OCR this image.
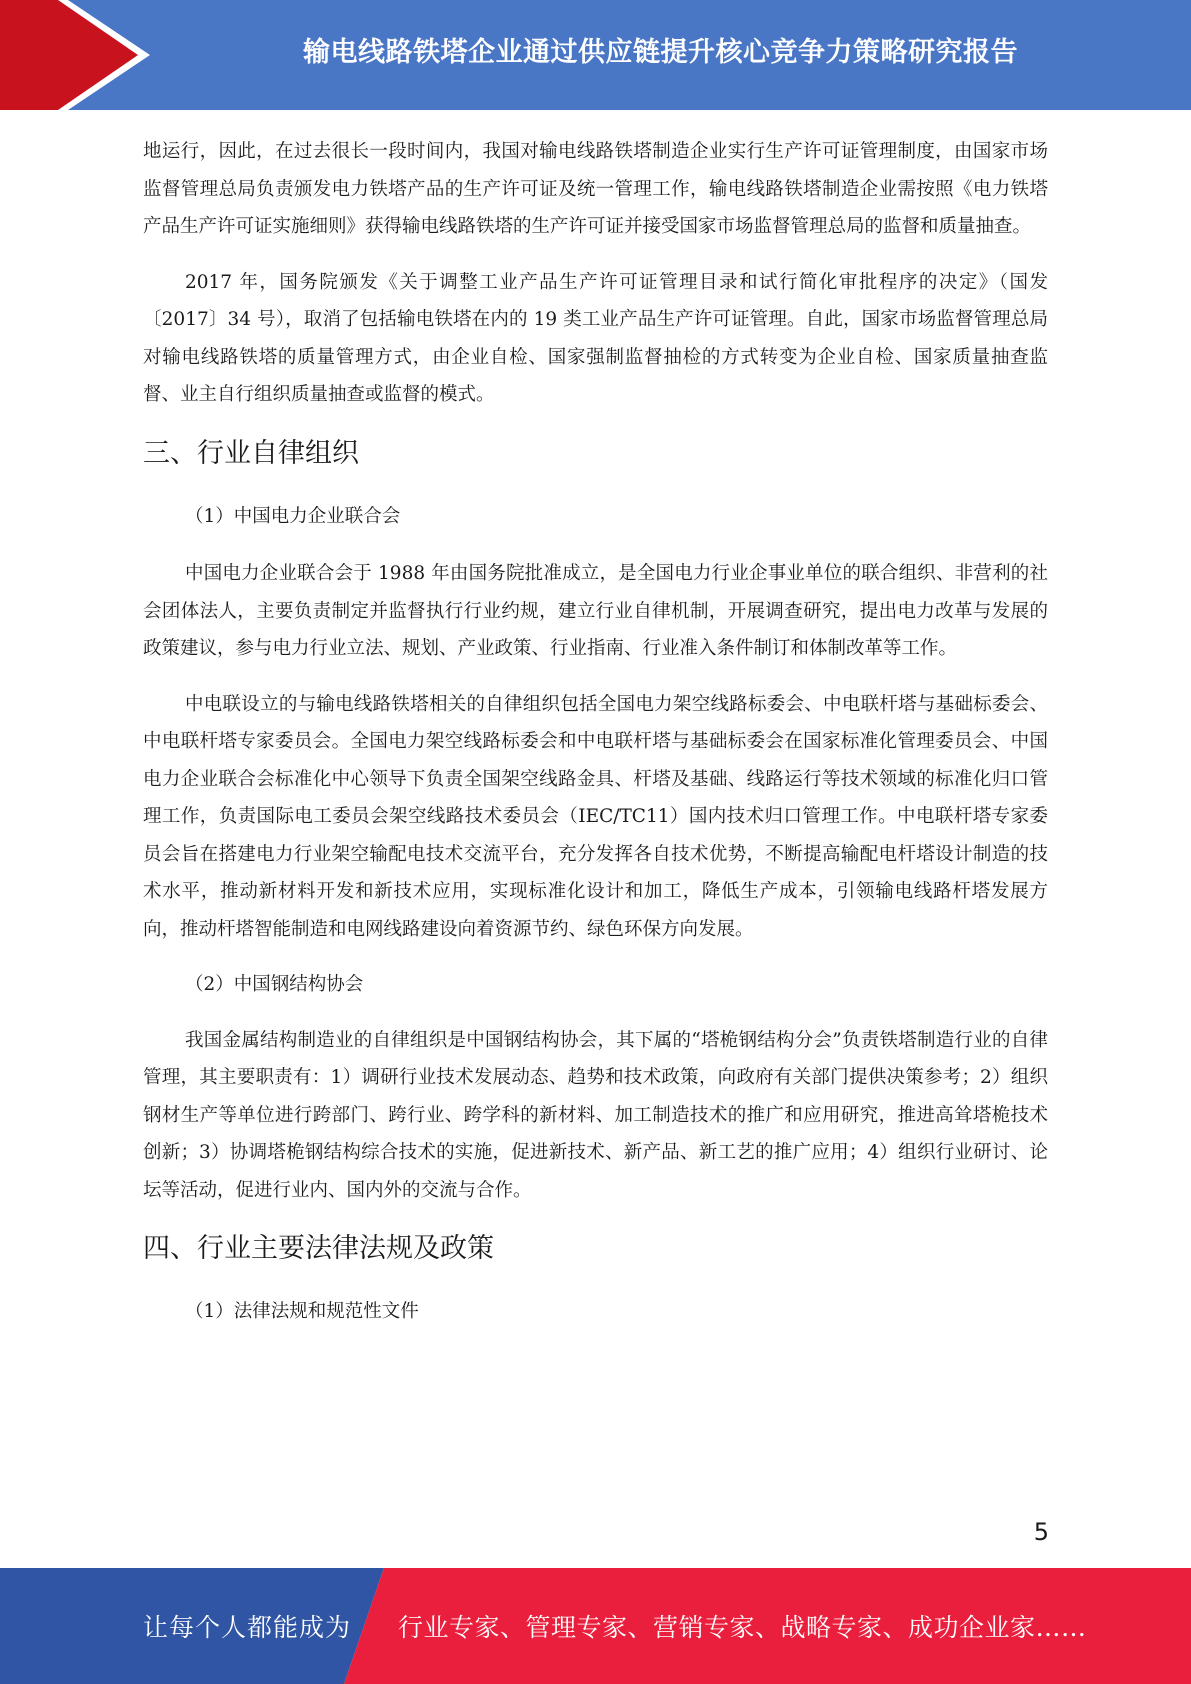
输电线路铁塔企业通过供应链提升核心竞争力策略研究报告

地运行，因此，在过去很长一段时间内，我国对输电线路铁塔制造企业实行生产许可证管理制度，由国家市场监督管理总局负责颁发电力铁塔产品的生产许可证及统一管理工作，输电线路铁塔制造企业需按照《电力铁塔产品生产许可证实施细则》获得输电线路铁塔的生产许可证并接受国家市场监督管理总局的监督和质量抽查。

2017 年，国务院颁发《关于调整工业产品生产许可证管理目录和试行简化审批程序的决定》（国发〔2017〕34 号），取消了包括输电铁塔在内的 19 类工业产品生产许可证管理。自此，国家市场监督管理总局对输电线路铁塔的质量管理方式，由企业自检、国家强制监督抽检的方式转变为企业自检、国家质量抽查监督、业主自行组织质量抽查或监督的模式。

三、行业自律组织

（1）中国电力企业联合会

中国电力企业联合会于 1988 年由国务院批准成立，是全国电力行业企事业单位的联合组织、非营利的社会团体法人，主要负责制定并监督执行行业约规，建立行业自律机制，开展调查研究，提出电力改革与发展的政策建议，参与电力行业立法、规划、产业政策、行业指南、行业准入条件制订和体制改革等工作。

中电联设立的与输电线路铁塔相关的自律组织包括全国电力架空线路标委会、中电联杆塔与基础标委会、中电联杆塔专家委员会。全国电力架空线路标委会和中电联杆塔与基础标委会在国家标准化管理委员会、中国电力企业联合会标准化中心领导下负责全国架空线路金具、杆塔及基础、线路运行等技术领域的标准化归口管理工作，负责国际电工委员会架空线路技术委员会（IEC/TC11）国内技术归口管理工作。中电联杆塔专家委员会旨在搭建电力行业架空输配电技术交流平台，充分发挥各自技术优势，不断提高输配电杆塔设计制造的技术水平，推动新材料开发和新技术应用，实现标准化设计和加工，降低生产成本，引领输电线路杆塔发展方向，推动杆塔智能制造和电网线路建设向着资源节约、绿色环保方向发展。

（2）中国钢结构协会

我国金属结构制造业的自律组织是中国钢结构协会，其下属的“塔桅钢结构分会”负责铁塔制造行业的自律管理，其主要职责有：1）调研行业技术发展动态、趋势和技术政策，向政府有关部门提供决策参考；2）组织钢材生产等单位进行跨部门、跨行业、跨学科的新材料、加工制造技术的推广和应用研究，推进高耸塔桅技术创新；3）协调塔桅钢结构综合技术的实施，促进新技术、新产品、新工艺的推广应用；4）组织行业研讨、论坛等活动，促进行业内、国内外的交流与合作。

四、行业主要法律法规及政策

（1）法律法规和规范性文件

5
让每个人都能成为 行业专家、管理专家、营销专家、战略专家、成功企业家……
